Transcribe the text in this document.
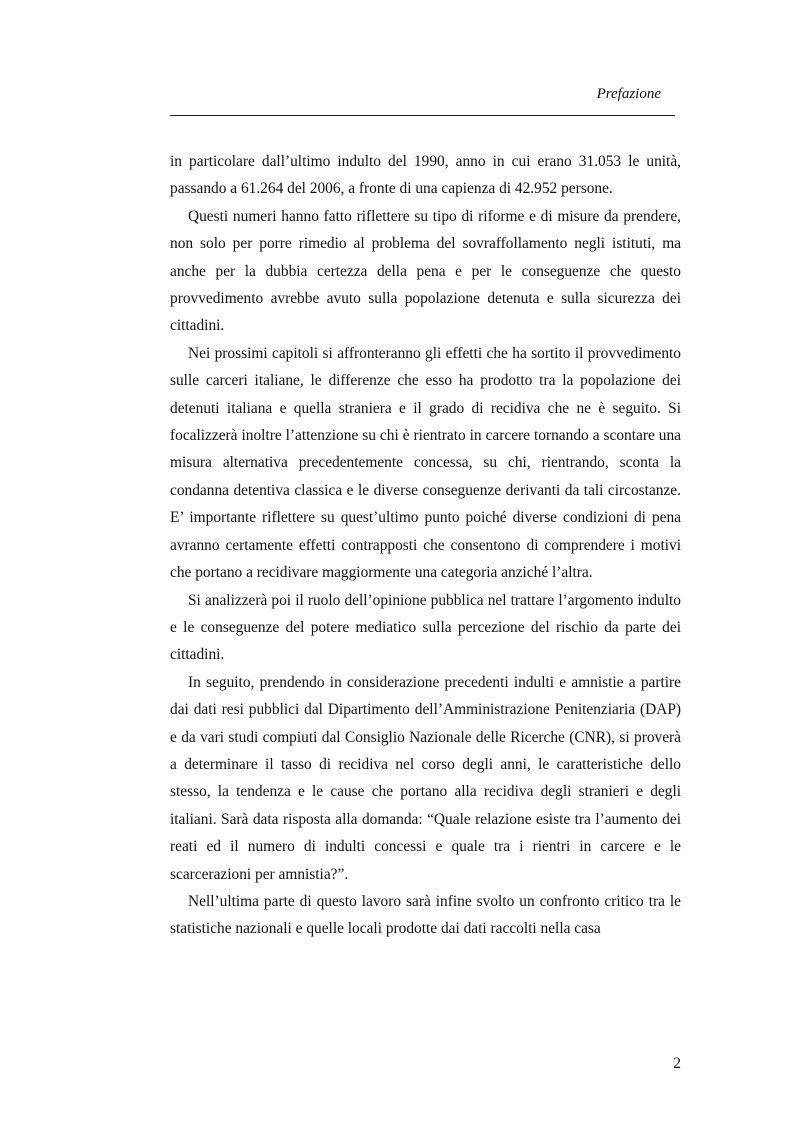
Prefazione

in particolare dall’ultimo indulto del 1990, anno in cui erano 31.053 le unità, passando a 61.264 del 2006, a fronte di una capienza di 42.952 persone.

Questi numeri hanno fatto riflettere su tipo di riforme e di misure da prendere, non solo per porre rimedio al problema del sovraffollamento negli istituti, ma anche per la dubbia certezza della pena e per le conseguenze che questo provvedimento avrebbe avuto sulla popolazione detenuta e sulla sicurezza dei cittadini.

Nei prossimi capitoli si affronteranno gli effetti che ha sortito il provvedimento sulle carceri italiane, le differenze che esso ha prodotto tra la popolazione dei detenuti italiana e quella straniera e il grado di recidiva che ne è seguito. Si focalizzerà inoltre l’attenzione su chi è rientrato in carcere tornando a scontare una misura alternativa precedentemente concessa, su chi, rientrando, sconta la condanna detentiva classica e le diverse conseguenze derivanti da tali circostanze. E’ importante riflettere su quest’ultimo punto poiché diverse condizioni di pena avranno certamente effetti contrapposti che consentono di comprendere i motivi che portano a recidivare maggiormente una categoria anziché l’altra.

Si analizzerà poi il ruolo dell’opinione pubblica nel trattare l’argomento indulto e le conseguenze del potere mediatico sulla percezione del rischio da parte dei cittadini.

In seguito, prendendo in considerazione precedenti indulti e amnistie a partire dai dati resi pubblici dal Dipartimento dell’Amministrazione Penitenziaria (DAP) e da vari studi compiuti dal Consiglio Nazionale delle Ricerche (CNR), si proverà a determinare il tasso di recidiva nel corso degli anni, le caratteristiche dello stesso, la tendenza e le cause che portano alla recidiva degli stranieri e degli italiani. Sarà data risposta alla domanda: “Quale relazione esiste tra l’aumento dei reati ed il numero di indulti concessi e quale tra i rientri in carcere e le scarcerazioni per amnistia?”.

Nell’ultima parte di questo lavoro sarà infine svolto un confronto critico tra le statistiche nazionali e quelle locali prodotte dai dati raccolti nella casa

2
